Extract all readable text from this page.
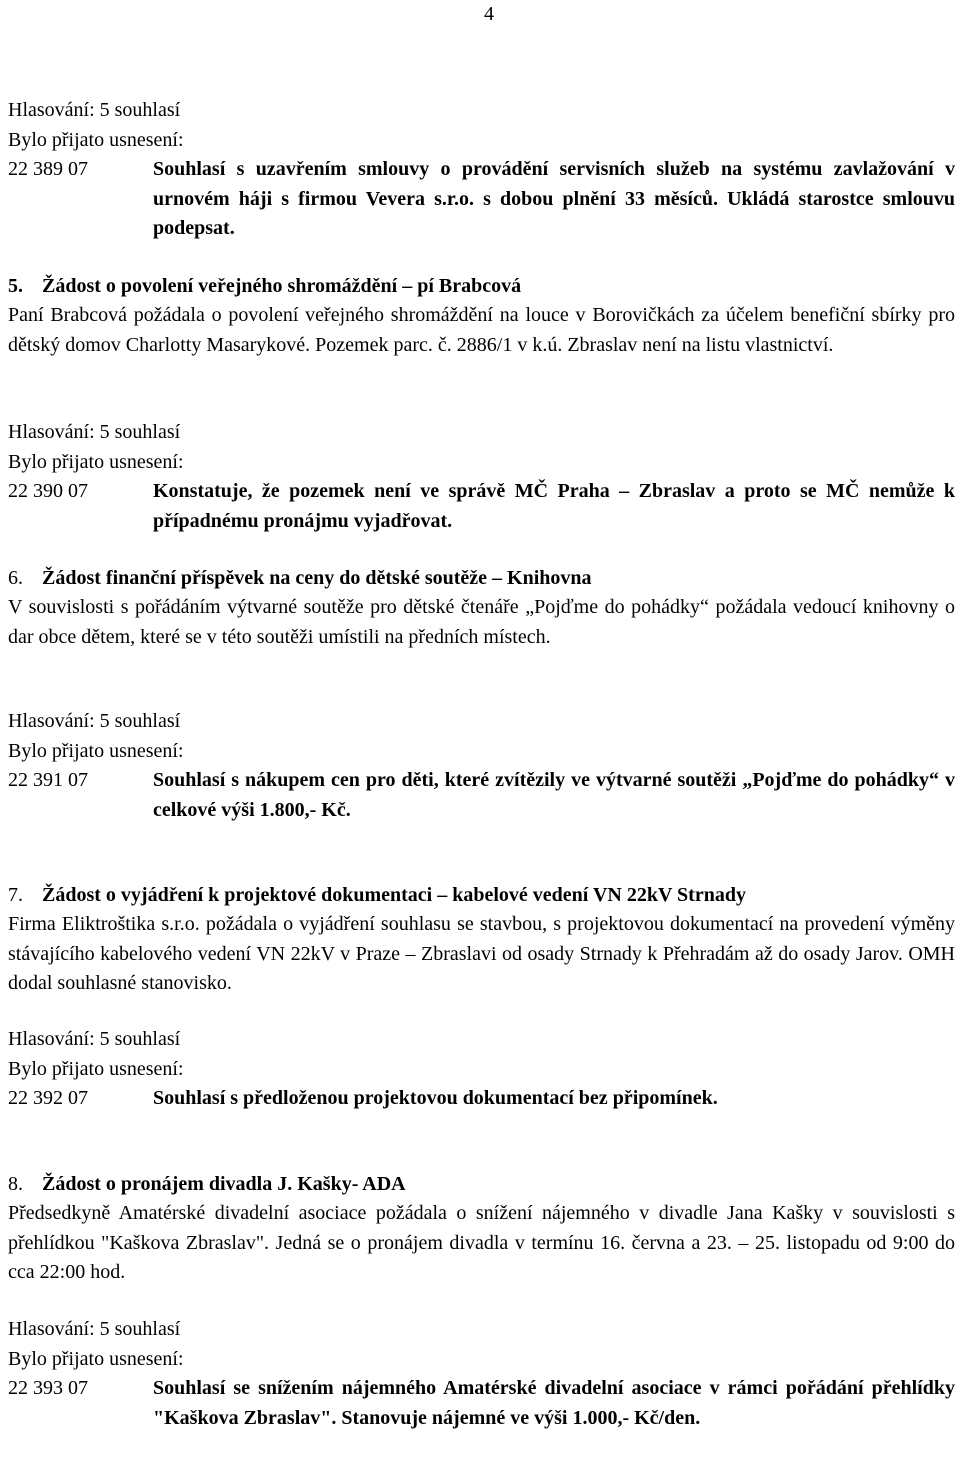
4
Hlasování: 5 souhlasí
Bylo přijato usnesení:
22 389 07	Souhlasí s uzavřením smlouvy o provádění servisních služeb na systému zavlažování v urnovém háji s firmou Vevera s.r.o. s dobou plnění 33 měsíců. Ukládá starostce smlouvu podepsat.
5. Žádost o povolení veřejného shromáždění – pí Brabcová
Paní Brabcová požádala o povolení veřejného shromáždění na louce v Borovičkách za účelem benefiční sbírky pro dětský domov Charlotty Masarykové. Pozemek parc. č. 2886/1 v k.ú. Zbraslav není na listu vlastnictví.
Hlasování: 5 souhlasí
Bylo přijato usnesení:
22 390 07	Konstatuje, že pozemek není ve správě MČ Praha – Zbraslav a proto se MČ nemůže k případnému pronájmu vyjadřovat.
6. Žádost finanční příspěvek na ceny do dětské soutěže – Knihovna
V souvislosti s pořádáním výtvarné soutěže pro dětské čtenáře „Pojďme do pohádky“ požádala vedoucí knihovny o dar obce dětem, které se v této soutěži umístili na předních místech.
Hlasování: 5 souhlasí
Bylo přijato usnesení:
22 391 07	Souhlasí s nákupem cen pro děti, které zvítězily ve výtvarné soutěži „Pojďme do pohádky“ v celkové výši 1.800,- Kč.
7. Žádost o vyjádření k projektové dokumentaci – kabelové vedení VN 22kV Strnady
Firma Eliktroštika s.r.o. požádala o vyjádření souhlasu se stavbou, s projektovou dokumentací na provedení výměny stávajícího kabelového vedení VN 22kV v Praze – Zbraslavi od osady Strnady k Přehradám až do osady Jarov. OMH dodal souhlasné stanovisko.
Hlasování: 5 souhlasí
Bylo přijato usnesení:
22 392 07	Souhlasí s předloženou projektovou dokumentací bez připomínek.
8. Žádost o pronájem divadla J. Kašky- ADA
Předsedkyně Amatérské divadelní asociace požádala o snížení nájemného v divadle Jana Kašky v souvislosti s přehlídkou "Kaškova Zbraslav". Jedná se o pronájem divadla v termínu 16. června a 23. – 25. listopadu od 9:00 do cca 22:00 hod.
Hlasování: 5 souhlasí
Bylo přijato usnesení:
22 393 07	Souhlasí se snížením nájemného Amatérské divadelní asociace v rámci pořádání přehlídky "Kaškova Zbraslav". Stanovuje nájemné ve výši 1.000,- Kč/den.
